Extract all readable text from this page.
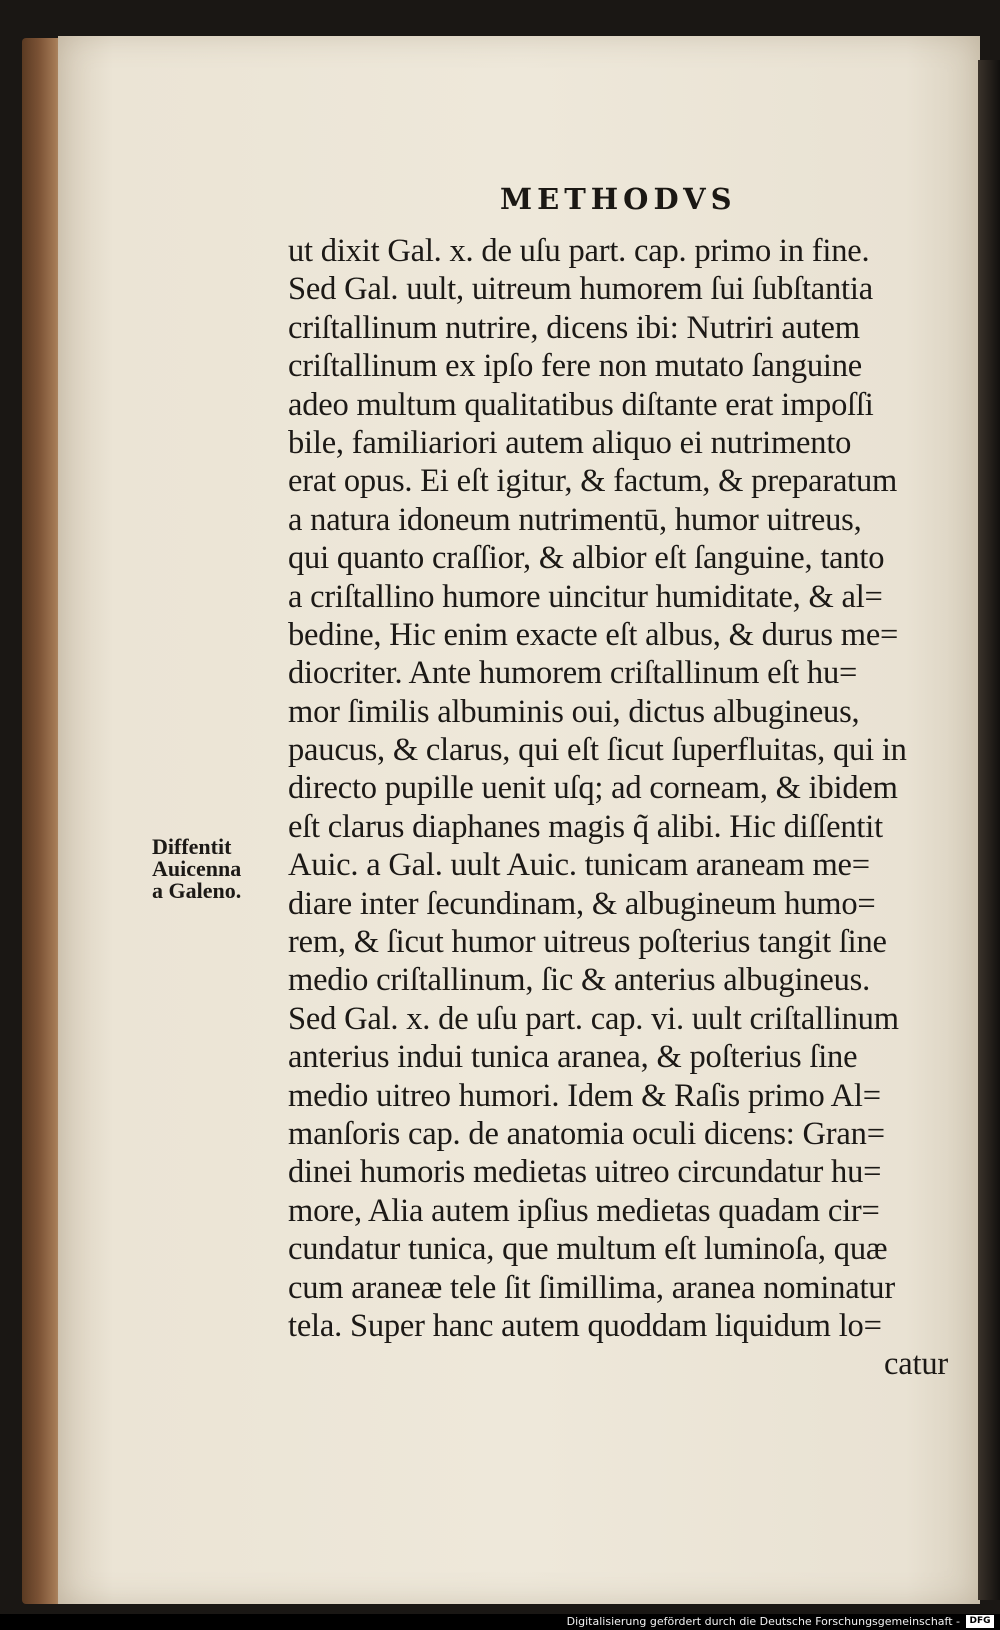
METHODVS
Diffentit
Auicenna
a Galeno.
ut dixit Gal. x. de uſu part. cap. primo in fine.
Sed Gal. uult, uitreum humorem ſui ſubſtantia
criſtallinum nutrire, dicens ibi: Nutriri autem
criſtallinum ex ipſo fere non mutato ſanguine
adeo multum qualitatibus diſtante erat impoſſi
bile, familiariori autem aliquo ei nutrimento
erat opus. Ei eſt igitur, & factum, & preparatum
a natura idoneum nutrimentū, humor uitreus,
qui quanto craſſior, & albior eſt ſanguine, tanto
a criſtallino humore uincitur humiditate, & al=
bedine, Hic enim exacte eſt albus, & durus me=
diocriter. Ante humorem criſtallinum eſt hu=
mor ſimilis albuminis oui, dictus albugineus,
paucus, & clarus, qui eſt ſicut ſuperfluitas, qui in
directo pupille uenit uſq; ad corneam, & ibidem
eſt clarus diaphanes magis q̃ alibi. Hic diſſentit
Auic. a Gal. uult Auic. tunicam araneam me=
diare inter ſecundinam, & albugineum humo=
rem, & ſicut humor uitreus poſterius tangit ſine
medio criſtallinum, ſic & anterius albugineus.
Sed Gal. x. de uſu part. cap. vi. uult criſtallinum
anterius indui tunica aranea, & poſterius ſine
medio uitreo humori. Idem & Raſis primo Al=
manſoris cap. de anatomia oculi dicens: Gran=
dinei humoris medietas uitreo circundatur hu=
more, Alia autem ipſius medietas quadam cir=
cundatur tunica, que multum eſt luminoſa, quæ
cum araneæ tele ſit ſimillima, aranea nominatur
tela. Super hanc autem quoddam liquidum lo=
catur
Digitalisierung gefördert durch die Deutsche Forschungsgemeinschaft -	DFG
